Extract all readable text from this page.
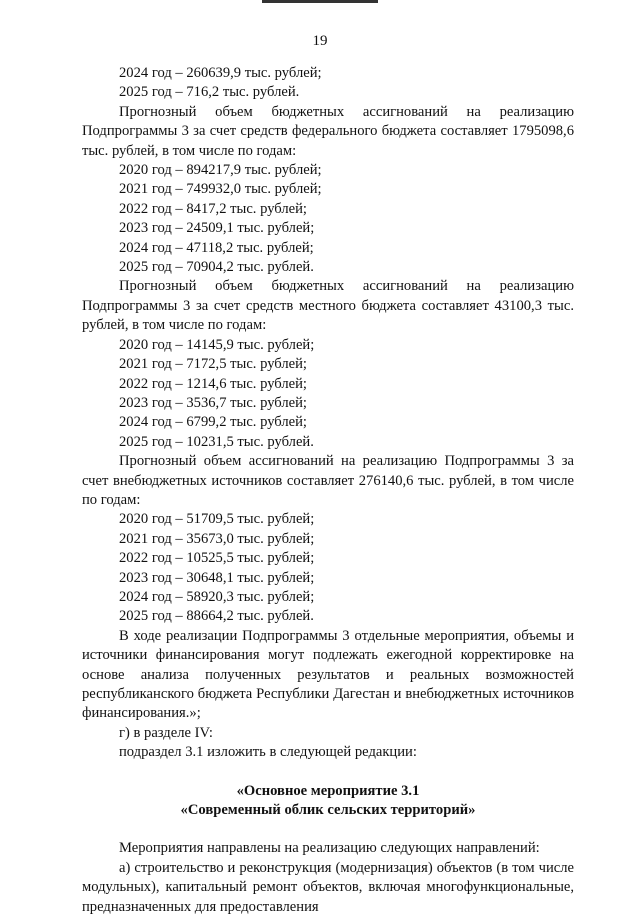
19

2024 год – 260639,9 тыс. рублей;

2025 год – 716,2 тыс. рублей.

Прогнозный объем бюджетных ассигнований на реализацию Подпрограммы 3 за счет средств федерального бюджета составляет 1795098,6 тыс. рублей, в том числе по годам:

2020 год – 894217,9 тыс. рублей;

2021 год – 749932,0 тыс. рублей;

2022 год – 8417,2 тыс. рублей;

2023 год – 24509,1 тыс. рублей;

2024 год – 47118,2 тыс. рублей;

2025 год – 70904,2 тыс. рублей.

Прогнозный объем бюджетных ассигнований на реализацию Подпрограммы 3 за счет средств местного бюджета составляет 43100,3 тыс. рублей, в том числе по годам:

2020 год – 14145,9 тыс. рублей;

2021 год – 7172,5 тыс. рублей;

2022 год – 1214,6 тыс. рублей;

2023 год – 3536,7 тыс. рублей;

2024 год – 6799,2 тыс. рублей;

2025 год – 10231,5 тыс. рублей.

Прогнозный объем ассигнований на реализацию Подпрограммы 3 за счет внебюджетных источников составляет 276140,6 тыс. рублей, в том числе по годам:

2020 год – 51709,5 тыс. рублей;

2021 год – 35673,0 тыс. рублей;

2022 год – 10525,5 тыс. рублей;

2023 год – 30648,1 тыс. рублей;

2024 год – 58920,3 тыс. рублей;

2025 год – 88664,2 тыс. рублей.

В ходе реализации Подпрограммы 3 отдельные мероприятия, объемы и источники финансирования могут подлежать ежегодной корректировке на основе анализа полученных результатов и реальных возможностей республиканского бюджета Республики Дагестан и внебюджетных источников финансирования.»;

г) в разделе IV:

подраздел 3.1 изложить в следующей редакции:

«Основное мероприятие 3.1

«Современный облик сельских территорий»

Мероприятия направлены на реализацию следующих направлений:

а) строительство и реконструкция (модернизация) объектов (в том числе модульных), капитальный ремонт объектов, включая многофункциональные, предназначенных для предоставления
